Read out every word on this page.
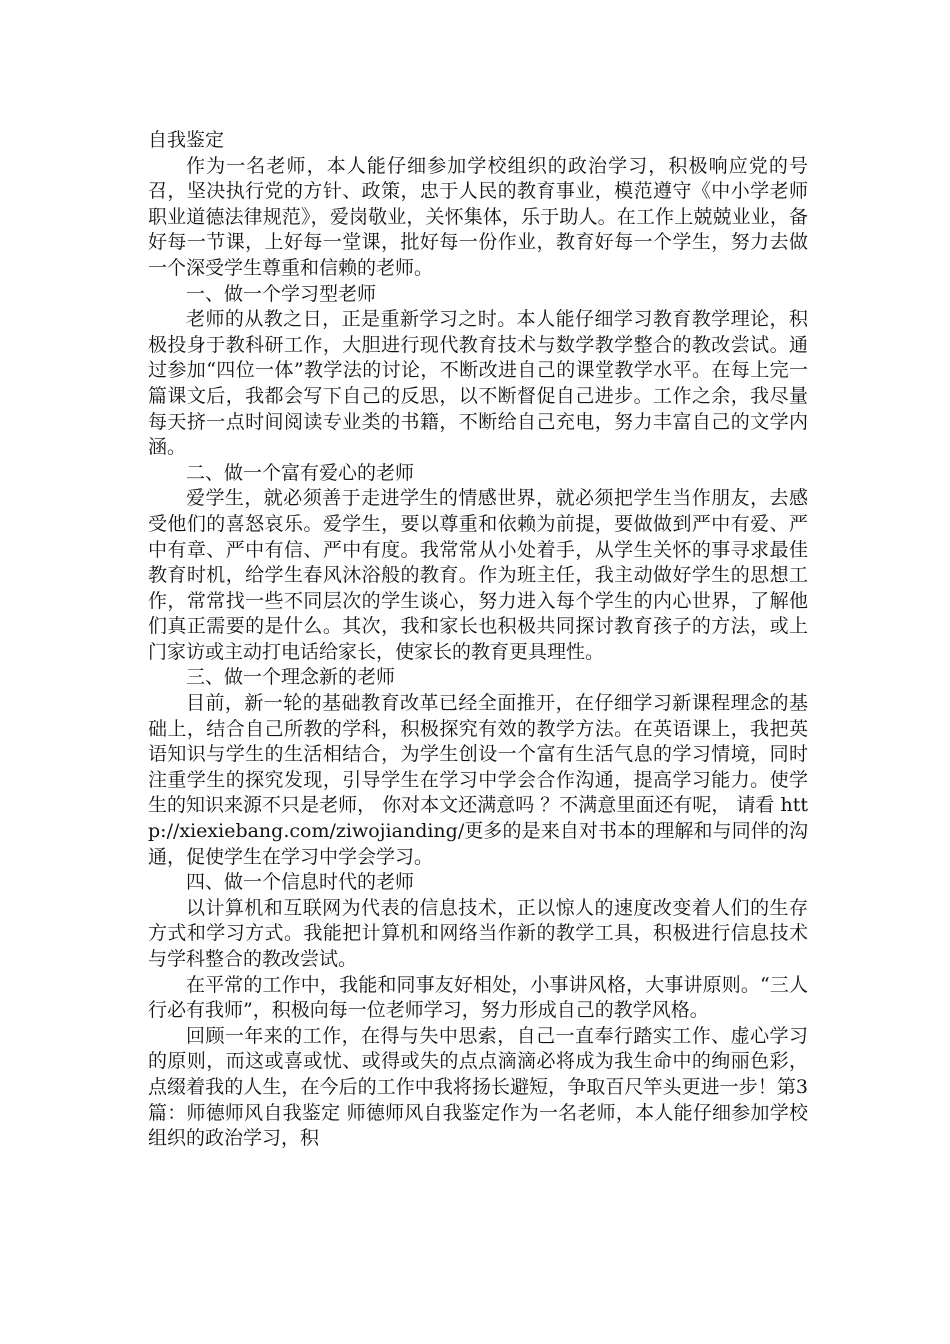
自我鉴定

作为一名老师，本人能仔细参加学校组织的政治学习，积极响应党的号召，坚决执行党的方针、政策，忠于人民的教育事业，模范遵守《中小学老师职业道德法律规范》，爱岗敬业，关怀集体，乐于助人。在工作上兢兢业业，备好每一节课，上好每一堂课，批好每一份作业，教育好每一个学生，努力去做一个深受学生尊重和信赖的老师。

一、做一个学习型老师

老师的从教之日，正是重新学习之时。本人能仔细学习教育教学理论，积极投身于教科研工作，大胆进行现代教育技术与数学教学整合的教改尝试。通过参加“四位一体”教学法的讨论，不断改进自己的课堂教学水平。在每上完一篇课文后，我都会写下自己的反思，以不断督促自己进步。工作之余，我尽量每天挤一点时间阅读专业类的书籍，不断给自己充电，努力丰富自己的文学内涵。

二、做一个富有爱心的老师

爱学生，就必须善于走进学生的情感世界，就必须把学生当作朋友，去感受他们的喜怒哀乐。爱学生，要以尊重和依赖为前提，要做做到严中有爱、严中有章、严中有信、严中有度。我常常从小处着手，从学生关怀的事寻求最佳教育时机，给学生春风沐浴般的教育。作为班主任，我主动做好学生的思想工作，常常找一些不同层次的学生谈心，努力进入每个学生的内心世界，了解他们真正需要的是什么。其次，我和家长也积极共同探讨教育孩子的方法，或上门家访或主动打电话给家长，使家长的教育更具理性。

三、做一个理念新的老师

目前，新一轮的基础教育改革已经全面推开，在仔细学习新课程理念的基础上，结合自己所教的学科，积极探究有效的教学方法。在英语课上，我把英语知识与学生的生活相结合，为学生创设一个富有生活气息的学习情境，同时注重学生的探究发现，引导学生在学习中学会合作沟通，提高学习能力。使学生的知识来源不只是老师， 你对本文还满意吗 ？不满意里面还有呢， 请看 http://xiexiebang.com/ziwojianding/更多的是来自对书本的理解和与同伴的沟通，促使学生在学习中学会学习。

四、做一个信息时代的老师

以计算机和互联网为代表的信息技术，正以惊人的速度改变着人们的生存方式和学习方式。我能把计算机和网络当作新的教学工具，积极进行信息技术与学科整合的教改尝试。

在平常的工作中，我能和同事友好相处，小事讲风格，大事讲原则。“三人行必有我师”，积极向每一位老师学习，努力形成自己的教学风格。

回顾一年来的工作，在得与失中思索，自己一直奉行踏实工作、虚心学习的原则，而这或喜或忧、或得或失的点点滴滴必将成为我生命中的绚丽色彩，点缀着我的人生，在今后的工作中我将扬长避短，争取百尺竿头更进一步！第3篇：师德师风自我鉴定 师德师风自我鉴定作为一名老师，本人能仔细参加学校组织的政治学习，积
